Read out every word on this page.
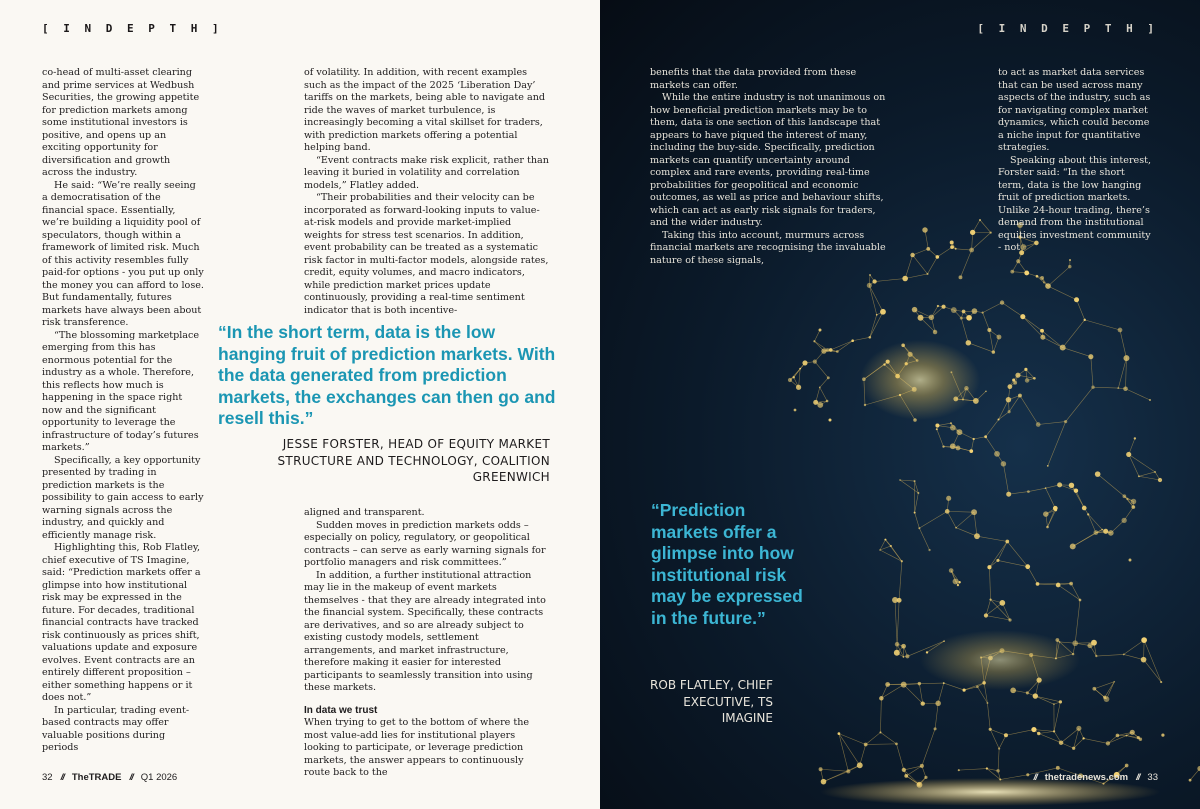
[ I N D E P T H ]

co-head of multi-asset clearing and prime services at Wedbush Securities, the growing appetite for prediction markets among some institutional investors is positive, and opens up an exciting opportunity for diversification and growth across the industry.

He said: “We’re really seeing a democratisation of the financial space. Essentially, we’re building a liquidity pool of speculators, though within a framework of limited risk. Much of this activity resembles fully paid-for options - you put up only the money you can afford to lose. But fundamentally, futures markets have always been about risk transference.

“The blossoming marketplace emerging from this has enormous potential for the industry as a whole. Therefore, this reflects how much is happening in the space right now and the significant opportunity to leverage the infrastructure of today’s futures markets.”

Specifically, a key opportunity presented by trading in prediction markets is the possibility to gain access to early warning signals across the industry, and quickly and efficiently manage risk.

Highlighting this, Rob Flatley, chief executive of TS Imagine, said: “Prediction markets offer a glimpse into how institutional risk may be expressed in the future. For decades, traditional financial contracts have tracked risk continuously as prices shift, valuations update and exposure evolves. Event contracts are an entirely different proposition – either something happens or it does not.”

In particular, trading event-based contracts may offer valuable positions during periods

of volatility. In addition, with recent examples such as the impact of the 2025 ‘Liberation Day’ tariffs on the markets, being able to navigate and ride the waves of market turbulence, is increasingly becoming a vital skillset for traders, with prediction markets offering a potential helping band.

“Event contracts make risk explicit, rather than leaving it buried in volatility and correlation models,” Flatley added.

“Their probabilities and their velocity can be incorporated as forward-looking inputs to value-at-risk models and provide market-implied weights for stress test scenarios. In addition, event probability can be treated as a systematic risk factor in multi-factor models, alongside rates, credit, equity volumes, and macro indicators, while prediction market prices update continuously, providing a real-time sentiment indicator that is both incentive-

“In the short term, data is the low hanging fruit of prediction markets. With the data generated from prediction markets, the exchanges can then go and resell this.”
JESSE FORSTER, HEAD OF EQUITY MARKET STRUCTURE AND TECHNOLOGY, COALITION GREENWICH

aligned and transparent.

Sudden moves in prediction markets odds – especially on policy, regulatory, or geopolitical contracts – can serve as early warning signals for portfolio managers and risk committees.”

In addition, a further institutional attraction may lie in the makeup of event markets themselves - that they are already integrated into the financial system. Specifically, these contracts are derivatives, and so are already subject to existing custody models, settlement arrangements, and market infrastructure, therefore making it easier for interested participants to seamlessly transition into using these markets.

In data we trust

When trying to get to the bottom of where the most value-add lies for institutional players looking to participate, or leverage prediction markets, the answer appears to continuously route back to the

32 // TheTRADE // Q1 2026
[ I N D E P T H ]

benefits that the data provided from these markets can offer.

While the entire industry is not unanimous on how beneficial prediction markets may be to them, data is one section of this landscape that appears to have piqued the interest of many, including the buy-side. Specifically, prediction markets can quantify uncertainty around complex and rare events, providing real-time probabilities for geopolitical and economic outcomes, as well as price and behaviour shifts, which can act as early risk signals for traders, and the wider industry.

Taking this into account, murmurs across financial markets are recognising the invaluable nature of these signals,

to act as market data services that can be used across many aspects of the industry, such as for navigating complex market dynamics, which could become a niche input for quantitative strategies.

Speaking about this interest, Forster said: “In the short term, data is the low hanging fruit of prediction markets. Unlike 24-hour trading, there’s demand from the institutional equities investment community - not

“Prediction markets offer a glimpse into how institutional risk may be expressed in the future.”
ROB FLATLEY, CHIEF EXECUTIVE, TS IMAGINE
// thetradenews.com // 33
